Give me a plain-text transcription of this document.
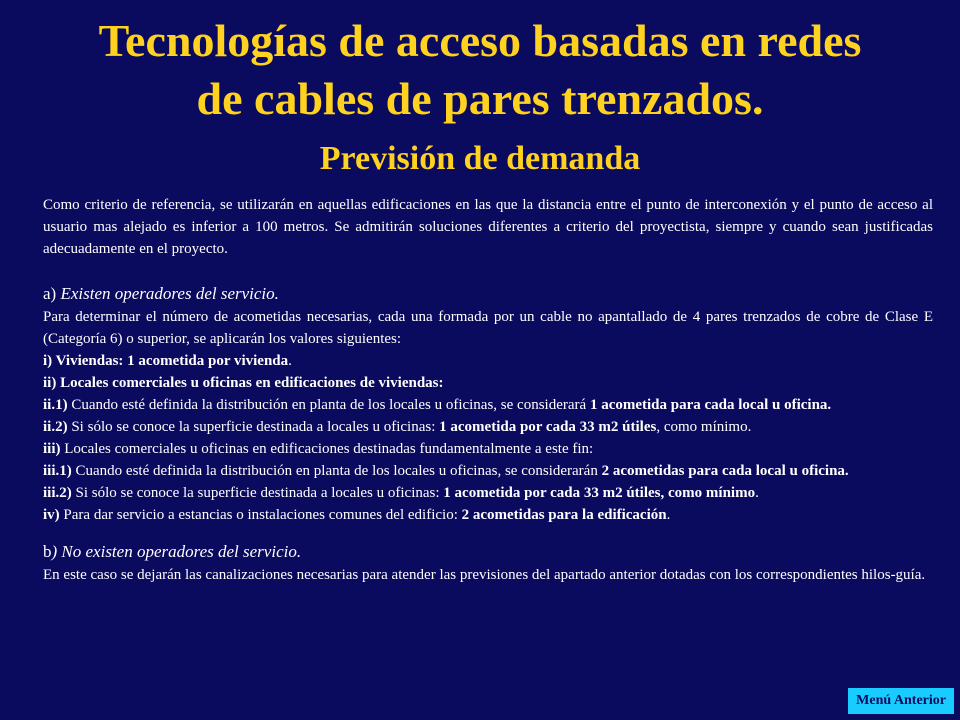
Tecnologías de acceso basadas en redes
de cables de pares trenzados.
Previsión de demanda

Como criterio de referencia, se utilizarán en aquellas edificaciones en las que la distancia entre el punto de interconexión y el punto de acceso al usuario mas alejado es inferior a 100 metros. Se admitirán soluciones diferentes a criterio del proyectista, siempre y cuando sean justificadas adecuadamente en el proyecto.

a) Existen operadores del servicio.

Para determinar el número de acometidas necesarias, cada una formada por un cable no apantallado de 4 pares trenzados de cobre de Clase E (Categoría 6) o superior, se aplicarán los valores siguientes:

i) Viviendas: 1 acometida por vivienda.

ii) Locales comerciales u oficinas en edificaciones de viviendas:

ii.1) Cuando esté definida la distribución en planta de los locales u oficinas, se considerará 1 acometida para cada local u oficina.

ii.2) Si sólo se conoce la superficie destinada a locales u oficinas: 1 acometida por cada 33 m2 útiles, como mínimo.

iii) Locales comerciales u oficinas en edificaciones destinadas fundamentalmente a este fin:

iii.1) Cuando esté definida la distribución en planta de los locales u oficinas, se considerarán 2 acometidas para cada local u oficina.

iii.2) Si sólo se conoce la superficie destinada a locales u oficinas: 1 acometida por cada 33 m2 útiles, como mínimo.

iv) Para dar servicio a estancias o instalaciones comunes del edificio: 2 acometidas para la edificación.

b) No existen operadores del servicio.

En este caso se dejarán las canalizaciones necesarias para atender las previsiones del apartado anterior dotadas con los correspondientes hilos-guía.

Menú Anterior
